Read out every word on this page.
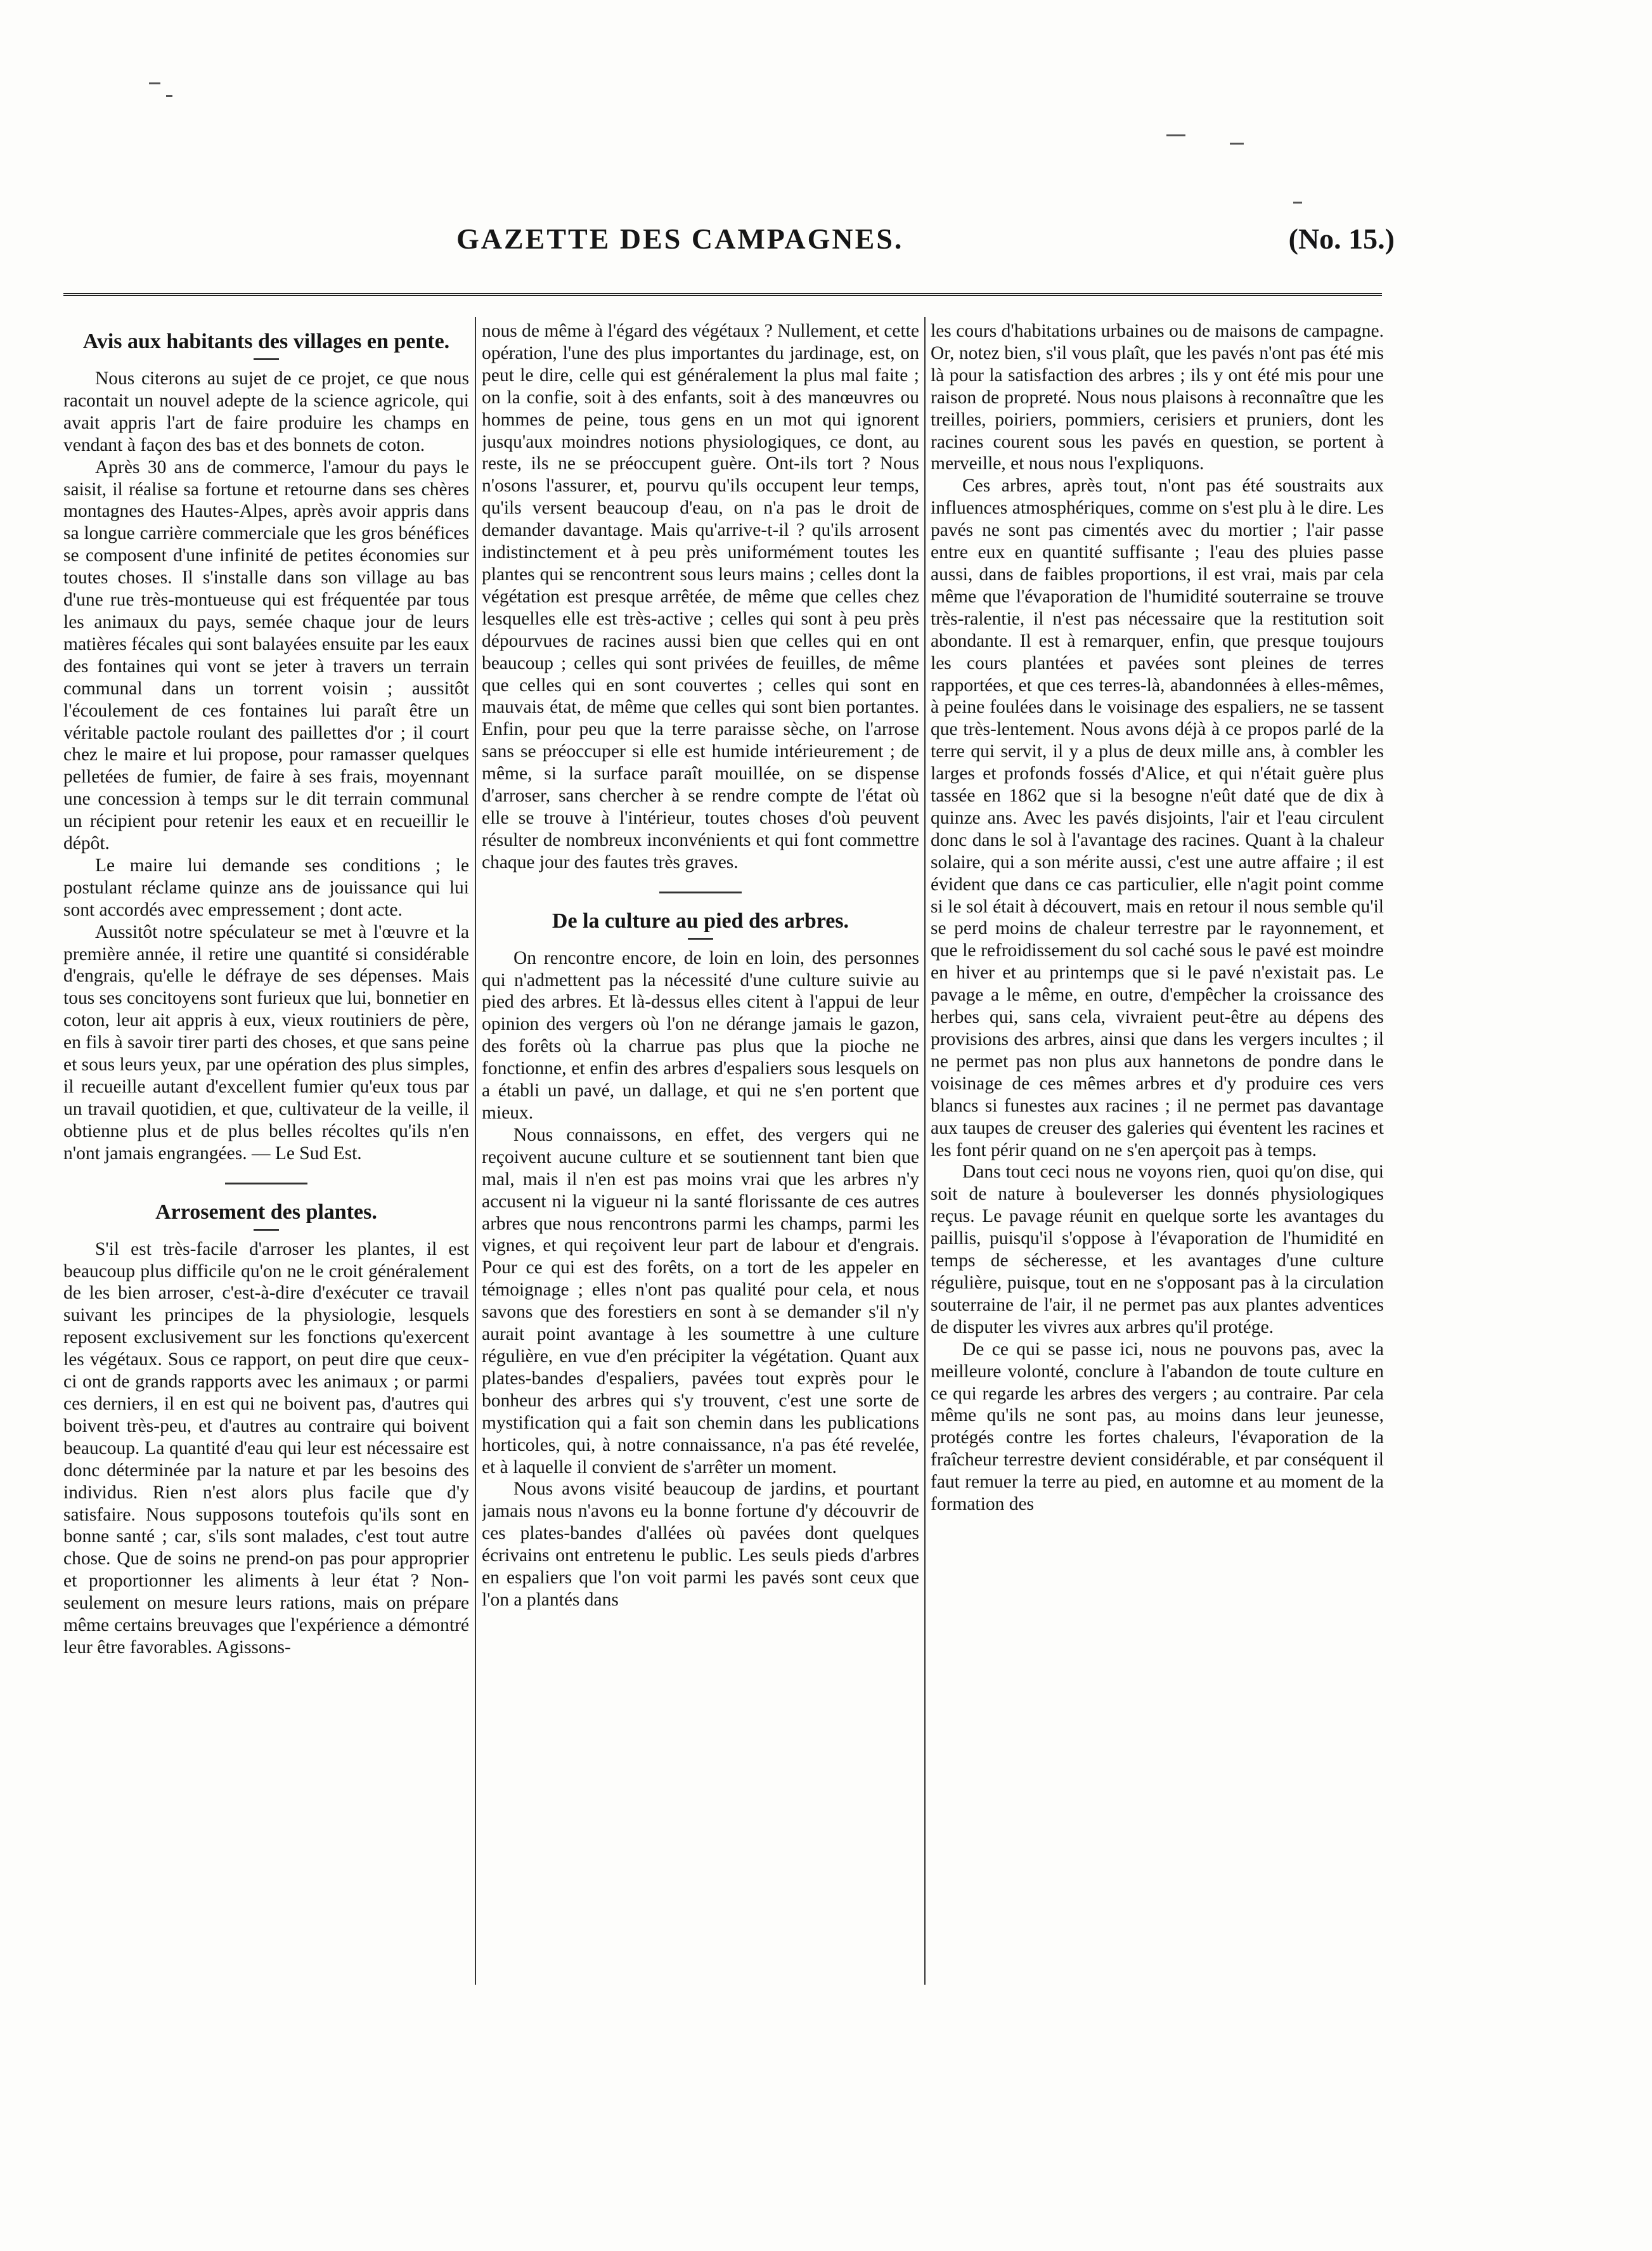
GAZETTE DES CAMPAGNES.	(No. 15.)
Avis aux habitants des villages en pente.

Nous citerons au sujet de ce projet, ce que nous racontait un nouvel adepte de la science agricole, qui avait appris l'art de faire produire les champs en vendant à façon des bas et des bonnets de coton.

Après 30 ans de commerce, l'amour du pays le saisit, il réalise sa fortune et retourne dans ses chères montagnes des Hautes-Alpes, après avoir appris dans sa longue carrière commerciale que les gros bénéfices se composent d'une infinité de petites économies sur toutes choses. Il s'installe dans son village au bas d'une rue très-montueuse qui est fréquentée par tous les animaux du pays, semée chaque jour de leurs matières fécales qui sont balayées ensuite par les eaux des fontaines qui vont se jeter à travers un terrain communal dans un torrent voisin ; aussitôt l'écoulement de ces fontaines lui paraît être un véritable pactole roulant des paillettes d'or ; il court chez le maire et lui propose, pour ramasser quelques pelletées de fumier, de faire à ses frais, moyennant une concession à temps sur le dit terrain communal un récipient pour retenir les eaux et en recueillir le dépôt.

Le maire lui demande ses conditions ; le postulant réclame quinze ans de jouissance qui lui sont accordés avec empressement ; dont acte.

Aussitôt notre spéculateur se met à l'œuvre et la première année, il retire une quantité si considérable d'engrais, qu'elle le défraye de ses dépenses. Mais tous ses concitoyens sont furieux que lui, bonnetier en coton, leur ait appris à eux, vieux routiniers de père, en fils à savoir tirer parti des choses, et que sans peine et sous leurs yeux, par une opération des plus simples, il recueille autant d'excellent fumier qu'eux tous par un travail quotidien, et que, cultivateur de la veille, il obtienne plus et de plus belles récoltes qu'ils n'en n'ont jamais engrangées. — Le Sud Est.

Arrosement des plantes.

S'il est très-facile d'arroser les plantes, il est beaucoup plus difficile qu'on ne le croit généralement de les bien arroser, c'est-à-dire d'exécuter ce travail suivant les principes de la physiologie, lesquels reposent exclusivement sur les fonctions qu'exercent les végétaux. Sous ce rapport, on peut dire que ceux-ci ont de grands rapports avec les animaux ; or parmi ces derniers, il en est qui ne boivent pas, d'autres qui boivent très-peu, et d'autres au contraire qui boivent beaucoup. La quantité d'eau qui leur est nécessaire est donc déterminée par la nature et par les besoins des individus. Rien n'est alors plus facile que d'y satisfaire. Nous supposons toutefois qu'ils sont en bonne santé ; car, s'ils sont malades, c'est tout autre chose. Que de soins ne prend-on pas pour approprier et proportionner les aliments à leur état ? Non-seulement on mesure leurs rations, mais on prépare même certains breuvages que l'expérience a démontré leur être favorables. Agissons-

nous de même à l'égard des végétaux ? Nullement, et cette opération, l'une des plus importantes du jardinage, est, on peut le dire, celle qui est généralement la plus mal faite ; on la confie, soit à des enfants, soit à des manœuvres ou hommes de peine, tous gens en un mot qui ignorent jusqu'aux moindres notions physiologiques, ce dont, au reste, ils ne se préoccupent guère. Ont-ils tort ? Nous n'osons l'assurer, et, pourvu qu'ils occupent leur temps, qu'ils versent beaucoup d'eau, on n'a pas le droit de demander davantage. Mais qu'arrive-t-il ? qu'ils arrosent indistinctement et à peu près uniformément toutes les plantes qui se rencontrent sous leurs mains ; celles dont la végétation est presque arrêtée, de même que celles chez lesquelles elle est très-active ; celles qui sont à peu près dépourvues de racines aussi bien que celles qui en ont beaucoup ; celles qui sont privées de feuilles, de même que celles qui en sont couvertes ; celles qui sont en mauvais état, de même que celles qui sont bien portantes. Enfin, pour peu que la terre paraisse sèche, on l'arrose sans se préoccuper si elle est humide intérieurement ; de même, si la surface paraît mouillée, on se dispense d'arroser, sans chercher à se rendre compte de l'état où elle se trouve à l'intérieur, toutes choses d'où peuvent résulter de nombreux inconvénients et qui font commettre chaque jour des fautes très graves.

De la culture au pied des arbres.

On rencontre encore, de loin en loin, des personnes qui n'admettent pas la nécessité d'une culture suivie au pied des arbres. Et là-dessus elles citent à l'appui de leur opinion des vergers où l'on ne dérange jamais le gazon, des forêts où la charrue pas plus que la pioche ne fonctionne, et enfin des arbres d'espaliers sous lesquels on a établi un pavé, un dallage, et qui ne s'en portent que mieux.

Nous connaissons, en effet, des vergers qui ne reçoivent aucune culture et se soutiennent tant bien que mal, mais il n'en est pas moins vrai que les arbres n'y accusent ni la vigueur ni la santé florissante de ces autres arbres que nous rencontrons parmi les champs, parmi les vignes, et qui reçoivent leur part de labour et d'engrais. Pour ce qui est des forêts, on a tort de les appeler en témoignage ; elles n'ont pas qualité pour cela, et nous savons que des forestiers en sont à se demander s'il n'y aurait point avantage à les soumettre à une culture régulière, en vue d'en précipiter la végétation. Quant aux plates-bandes d'espaliers, pavées tout exprès pour le bonheur des arbres qui s'y trouvent, c'est une sorte de mystification qui a fait son chemin dans les publications horticoles, qui, à notre connaissance, n'a pas été revelée, et à laquelle il convient de s'arrêter un moment.

Nous avons visité beaucoup de jardins, et pourtant jamais nous n'avons eu la bonne fortune d'y découvrir de ces plates-bandes d'allées où pavées dont quelques écrivains ont entretenu le public. Les seuls pieds d'arbres en espaliers que l'on voit parmi les pavés sont ceux que l'on a plantés dans

les cours d'habitations urbaines ou de maisons de campagne. Or, notez bien, s'il vous plaît, que les pavés n'ont pas été mis là pour la satisfaction des arbres ; ils y ont été mis pour une raison de propreté. Nous nous plaisons à reconnaître que les treilles, poiriers, pommiers, cerisiers et pruniers, dont les racines courent sous les pavés en question, se portent à merveille, et nous nous l'expliquons.

Ces arbres, après tout, n'ont pas été soustraits aux influences atmosphériques, comme on s'est plu à le dire. Les pavés ne sont pas cimentés avec du mortier ; l'air passe entre eux en quantité suffisante ; l'eau des pluies passe aussi, dans de faibles proportions, il est vrai, mais par cela même que l'évaporation de l'humidité souterraine se trouve très-ralentie, il n'est pas nécessaire que la restitution soit abondante. Il est à remarquer, enfin, que presque toujours les cours plantées et pavées sont pleines de terres rapportées, et que ces terres-là, abandonnées à elles-mêmes, à peine foulées dans le voisinage des espaliers, ne se tassent que très-lentement. Nous avons déjà à ce propos parlé de la terre qui servit, il y a plus de deux mille ans, à combler les larges et profonds fossés d'Alice, et qui n'était guère plus tassée en 1862 que si la besogne n'eût daté que de dix à quinze ans. Avec les pavés disjoints, l'air et l'eau circulent donc dans le sol à l'avantage des racines. Quant à la chaleur solaire, qui a son mérite aussi, c'est une autre affaire ; il est évident que dans ce cas particulier, elle n'agit point comme si le sol était à découvert, mais en retour il nous semble qu'il se perd moins de chaleur terrestre par le rayonnement, et que le refroidissement du sol caché sous le pavé est moindre en hiver et au printemps que si le pavé n'existait pas. Le pavage a le même, en outre, d'empêcher la croissance des herbes qui, sans cela, vivraient peut-être au dépens des provisions des arbres, ainsi que dans les vergers incultes ; il ne permet pas non plus aux hannetons de pondre dans le voisinage de ces mêmes arbres et d'y produire ces vers blancs si funestes aux racines ; il ne permet pas davantage aux taupes de creuser des galeries qui éventent les racines et les font périr quand on ne s'en aperçoit pas à temps.

Dans tout ceci nous ne voyons rien, quoi qu'on dise, qui soit de nature à bouleverser les donnés physiologiques reçus. Le pavage réunit en quelque sorte les avantages du paillis, puisqu'il s'oppose à l'évaporation de l'humidité en temps de sécheresse, et les avantages d'une culture régulière, puisque, tout en ne s'opposant pas à la circulation souterraine de l'air, il ne permet pas aux plantes adventices de disputer les vivres aux arbres qu'il protége.

De ce qui se passe ici, nous ne pouvons pas, avec la meilleure volonté, conclure à l'abandon de toute culture en ce qui regarde les arbres des vergers ; au contraire. Par cela même qu'ils ne sont pas, au moins dans leur jeunesse, protégés contre les fortes chaleurs, l'évaporation de la fraîcheur terrestre devient considérable, et par conséquent il faut remuer la terre au pied, en automne et au moment de la formation des
